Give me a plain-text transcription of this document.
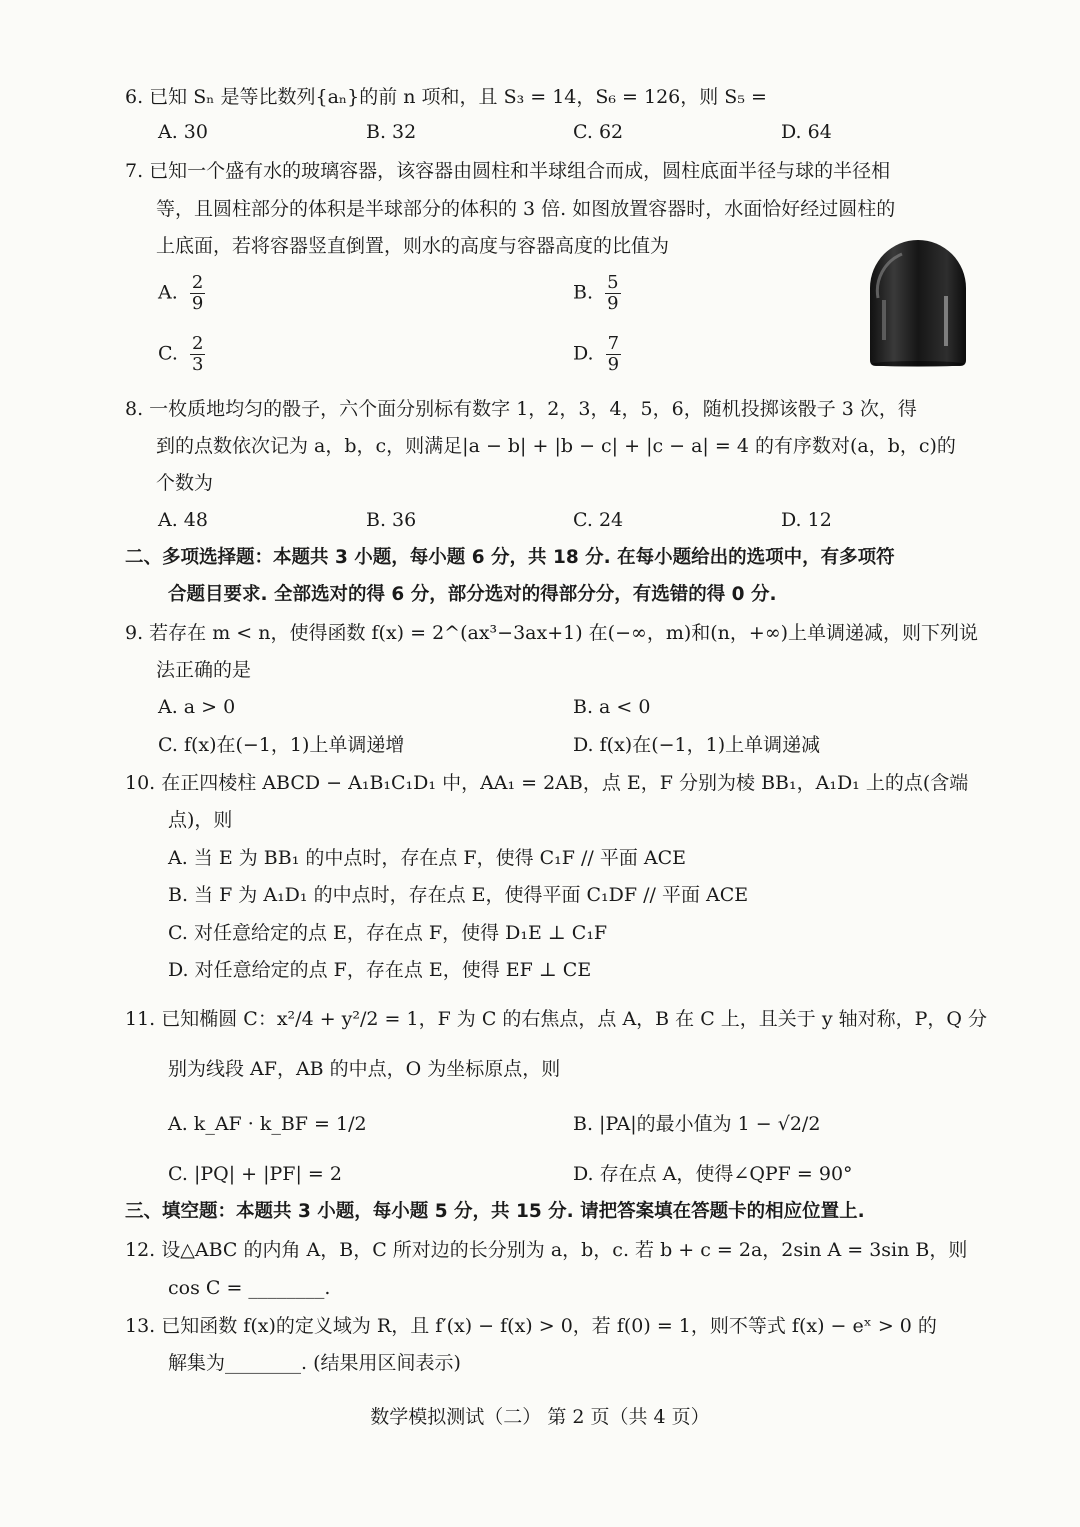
6. 已知 Sₙ 是等比数列{aₙ}的前 n 项和，且 S₃ = 14，S₆ = 126，则 S₅ =
A. 30	B. 32	C. 62	D. 64
7. 已知一个盛有水的玻璃容器，该容器由圆柱和半球组合而成，圆柱底面半径与球的半径相
等，且圆柱部分的体积是半球部分的体积的 3 倍. 如图放置容器时，水面恰好经过圆柱的
上底面，若将容器竖直倒置，则水的高度与容器高度的比值为
A. $\frac{2}{9}$	B. $\frac{5}{9}$
C. $\frac{2}{3}$	D. $\frac{7}{9}$
8. 一枚质地均匀的骰子，六个面分别标有数字 1，2，3，4，5，6，随机投掷该骰子 3 次，得
到的点数依次记为 a，b，c，则满足|a − b| + |b − c| + |c − a| = 4 的有序数对(a，b，c)的
个数为
A. 48	B. 36	C. 24	D. 12
二、多项选择题：本题共 3 小题，每小题 6 分，共 18 分. 在每小题给出的选项中，有多项符
合题目要求. 全部选对的得 6 分，部分选对的得部分分，有选错的得 0 分.
9. 若存在 m < n，使得函数 f(x) = 2^(ax³−3ax+1) 在(−∞，m)和(n，+∞)上单调递减，则下列说
法正确的是
A. a > 0	B. a < 0
C. f(x)在(−1，1)上单调递增	D. f(x)在(−1，1)上单调递减
10. 在正四棱柱 ABCD − A₁B₁C₁D₁ 中，AA₁ = 2AB，点 E，F 分别为棱 BB₁，A₁D₁ 上的点(含端
点)，则
A. 当 E 为 BB₁ 的中点时，存在点 F，使得 C₁F // 平面 ACE
B. 当 F 为 A₁D₁ 的中点时，存在点 E，使得平面 C₁DF // 平面 ACE
C. 对任意给定的点 E，存在点 F，使得 D₁E ⊥ C₁F
D. 对任意给定的点 F，存在点 E，使得 EF ⊥ CE
11. 已知椭圆 C：x²/4 + y²/2 = 1，F 为 C 的右焦点，点 A，B 在 C 上，且关于 y 轴对称，P，Q 分
别为线段 AF，AB 的中点，O 为坐标原点，则
A. k_AF · k_BF = 1/2	B. |PA|的最小值为 1 − √2/2
C. |PQ| + |PF| = 2	D. 存在点 A，使得∠QPF = 90°
三、填空题：本题共 3 小题，每小题 5 分，共 15 分. 请把答案填在答题卡的相应位置上.
12. 设△ABC 的内角 A，B，C 所对边的长分别为 a，b，c. 若 b + c = 2a，2sin A = 3sin B，则
cos C = ________.
13. 已知函数 f(x)的定义域为 R，且 f′(x) − f(x) > 0，若 f(0) = 1，则不等式 f(x) − eˣ > 0 的
解集为________. (结果用区间表示)
数学模拟测试（二） 第 2 页（共 4 页）
